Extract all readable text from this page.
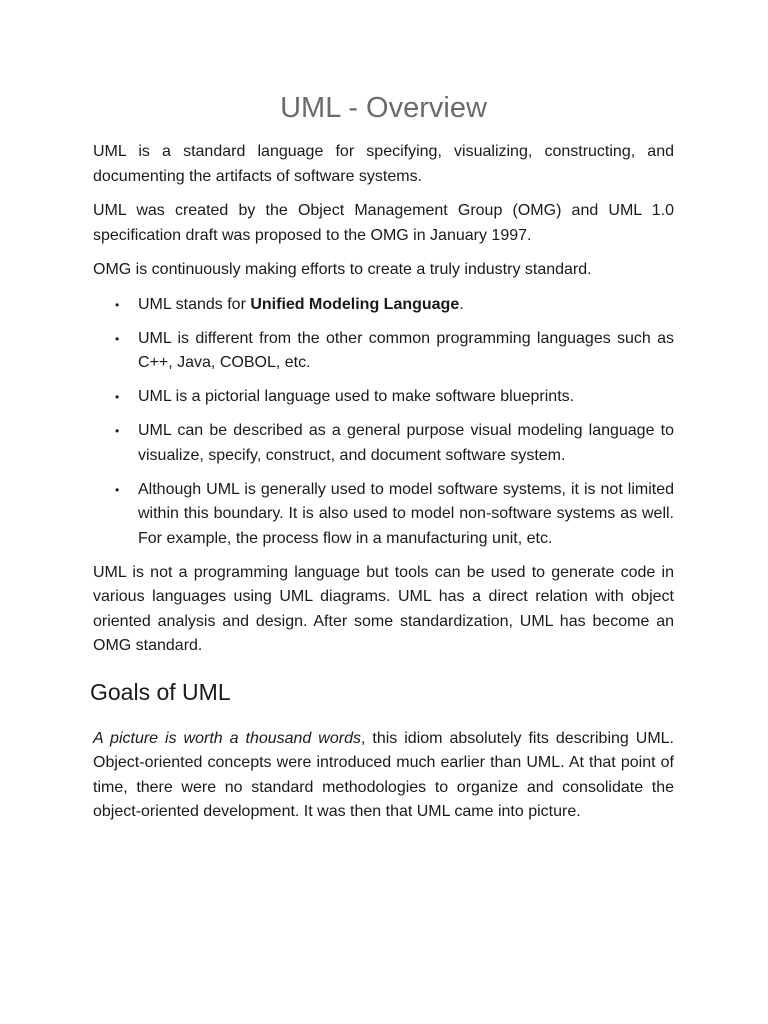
UML - Overview

UML is a standard language for specifying, visualizing, constructing, and documenting the artifacts of software systems.

UML was created by the Object Management Group (OMG) and UML 1.0 specification draft was proposed to the OMG in January 1997.

OMG is continuously making efforts to create a truly industry standard.

• UML stands for Unified Modeling Language.
• UML is different from the other common programming languages such as C++, Java, COBOL, etc.
• UML is a pictorial language used to make software blueprints.
• UML can be described as a general purpose visual modeling language to visualize, specify, construct, and document software system.
• Although UML is generally used to model software systems, it is not limited within this boundary. It is also used to model non-software systems as well. For example, the process flow in a manufacturing unit, etc.

UML is not a programming language but tools can be used to generate code in various languages using UML diagrams. UML has a direct relation with object oriented analysis and design. After some standardization, UML has become an OMG standard.

Goals of UML

A picture is worth a thousand words, this idiom absolutely fits describing UML. Object-oriented concepts were introduced much earlier than UML. At that point of time, there were no standard methodologies to organize and consolidate the object-oriented development. It was then that UML came into picture.
